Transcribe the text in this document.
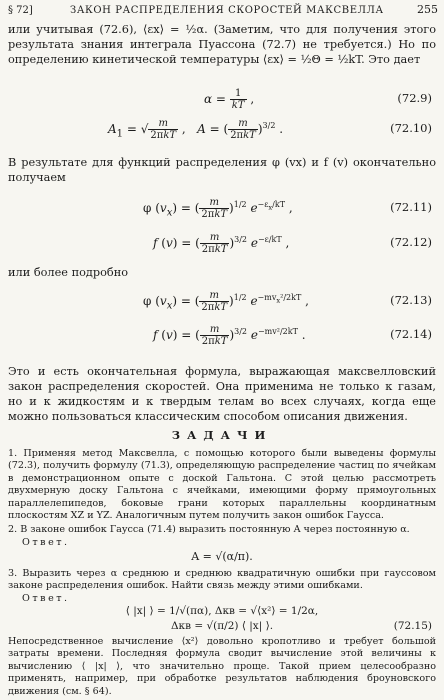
§ 72]	ЗАКОН РАСПРЕДЕЛЕНИЯ СКОРОСТЕЙ МАКСВЕЛЛА	255

или учитывая (72.6), ⟨εx⟩ = ½α. (Заметим, что для получения этого результата знания интеграла Пуассона (72.7) не требуется.) Но по определению кинетической температуры ⟨εx⟩ = ½Θ = ½kT. Это дает

$\alpha = \frac{1}{kT}$ ,	(72.9)
$A_1$ = √ $\frac{m}{\text{2πkT}}$ ,   A = ( $\frac{m}{\text{2πkT}} )^{3/2}$ .	(72.10)

В результате для функций распределения φ (vx) и f (v) окончательно получаем

φ $(v_x)$ = ( $\frac{m}{\text{2πkT}} )^{1/2}$ $e^{-\varepsilon_x/kT}$ ,	(72.11)
f (v) = ( $\frac{m}{\text{2πkT}} )^{3/2}$ $e^{-\varepsilon/kT}$ ,	(72.12)

или более подробно

φ $(v_x)$ = ( $\frac{m}{\text{2πkT}} )^{1/2}$ $e^{-mv_x^2/2kT}$ ,	(72.13)
f (v) = ( $\frac{m}{\text{2πkT}} )^{3/2}$ $e^{-mv^2/2kT}$ .	(72.14)

Это и есть окончательная формула, выражающая максвелловский закон распределения скоростей. Она применима не только к газам, но и к жидкостям и к твердым телам во всех случаях, когда еще можно пользоваться классическим способом описания движения.

ЗАДАЧИ

1. Применяя метод Максвелла, с помощью которого были выведены формулы (72.3), получить формулу (71.3), определяющую распределение частиц по ячейкам в демонстрационном опыте с доской Гальтона. С этой целью рассмотреть двухмерную доску Гальтона с ячейками, имеющими форму прямоугольных параллелепипедов, боковые грани которых параллельны координатным плоскостям XZ и YZ. Аналогичным путем получить закон ошибок Гаусса.

2. В законе ошибок Гаусса (71.4) выразить постоянную A через постоянную α.

Ответ.

A = √(α/π).

3. Выразить через α среднюю и среднюю квадратичную ошибки при гауссовом законе распределения ошибок. Найти связь между этими ошибками.

Ответ.

⟨ |x| ⟩ = 1/√(πα), Δкв = √⟨x²⟩ = 1/2α,
Δкв = √(π/2) ⟨ |x| ⟩.	(72.15)

Непосредственное вычисление ⟨x²⟩ довольно кропотливо и требует большой затраты времени. Последняя формула сводит вычисление этой величины к вычислению ⟨ |x| ⟩, что значительно проще. Такой прием целесообразно применять, например, при обработке результатов наблюдения броуновского движения (см. § 64).
